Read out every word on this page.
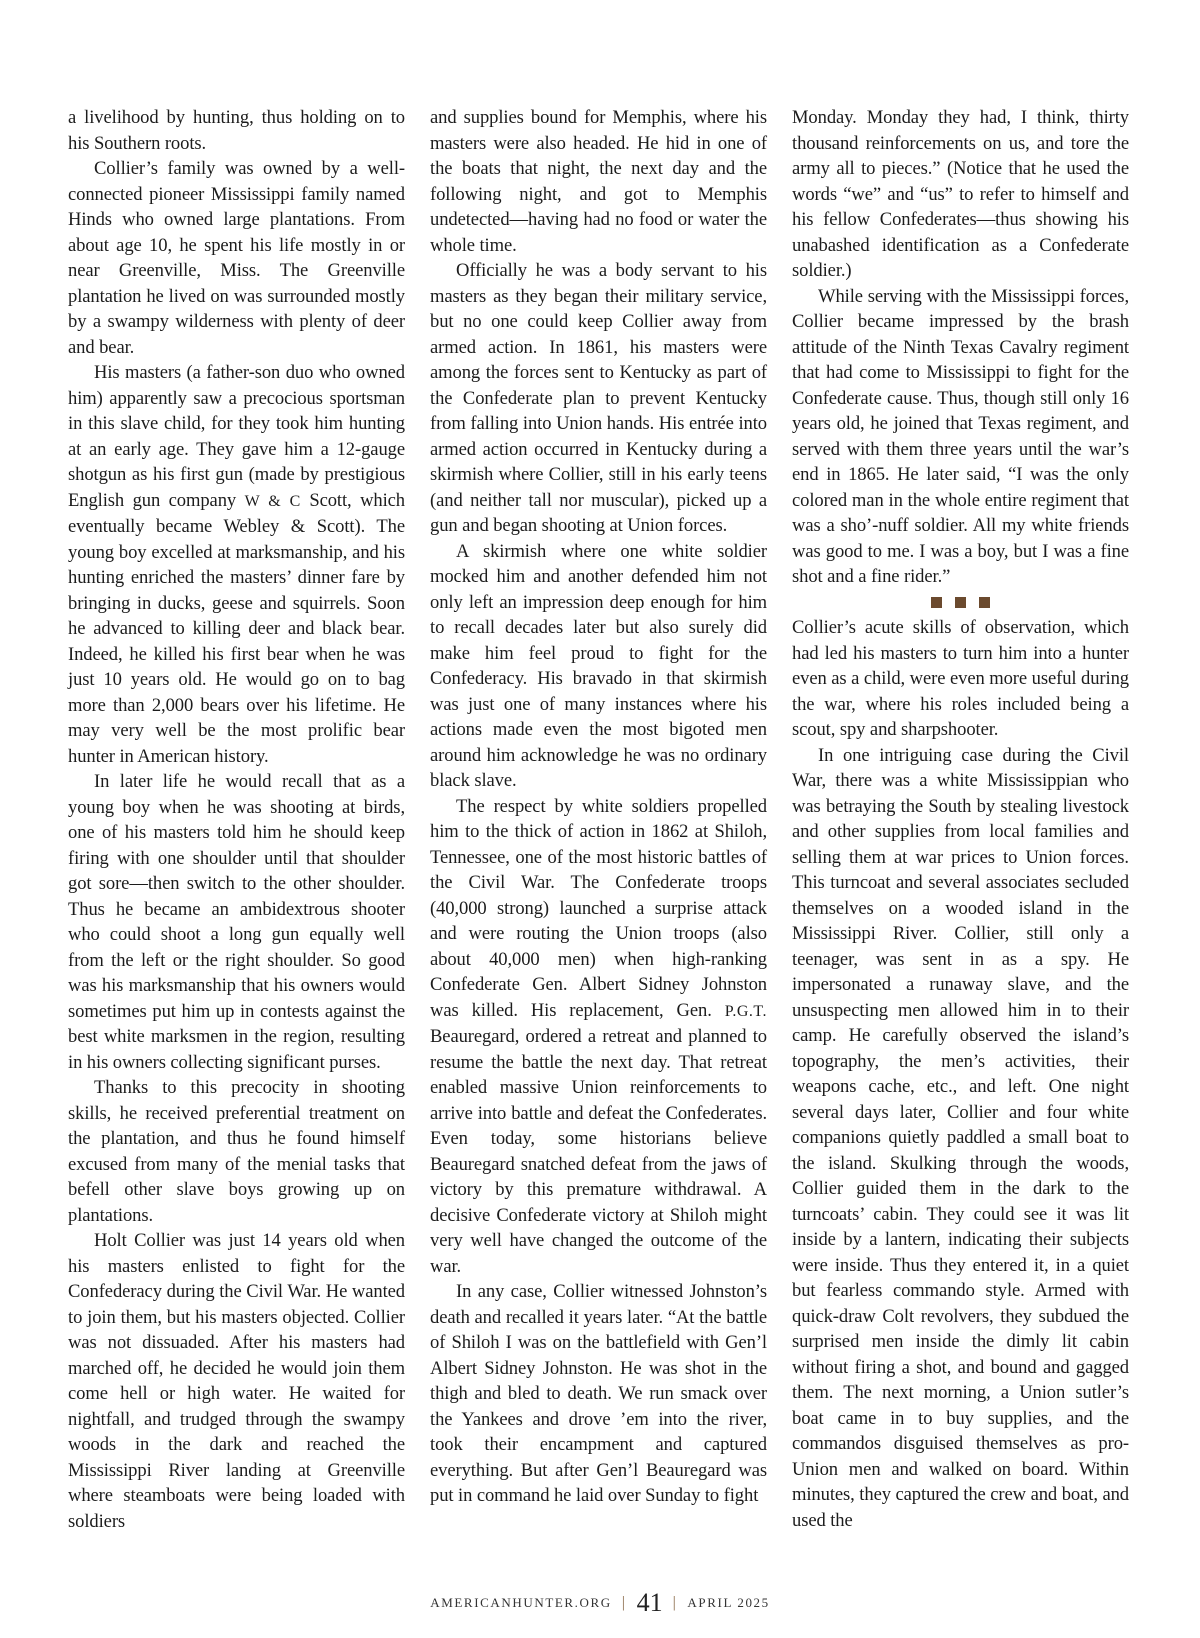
a livelihood by hunting, thus holding on to his Southern roots.

Collier’s family was owned by a well-connected pioneer Mississippi family named Hinds who owned large plantations. From about age 10, he spent his life mostly in or near Greenville, Miss. The Greenville plantation he lived on was surrounded mostly by a swampy wilderness with plenty of deer and bear.

His masters (a father-son duo who owned him) apparently saw a precocious sportsman in this slave child, for they took him hunting at an early age. They gave him a 12-gauge shotgun as his first gun (made by prestigious English gun company W & C Scott, which eventually became Webley & Scott). The young boy excelled at marksmanship, and his hunting enriched the masters’ dinner fare by bringing in ducks, geese and squirrels. Soon he advanced to killing deer and black bear. Indeed, he killed his first bear when he was just 10 years old. He would go on to bag more than 2,000 bears over his lifetime. He may very well be the most prolific bear hunter in American history.

In later life he would recall that as a young boy when he was shooting at birds, one of his masters told him he should keep firing with one shoulder until that shoulder got sore—then switch to the other shoulder. Thus he became an ambidextrous shooter who could shoot a long gun equally well from the left or the right shoulder. So good was his marksmanship that his owners would sometimes put him up in contests against the best white marksmen in the region, resulting in his owners collecting significant purses.

Thanks to this precocity in shooting skills, he received preferential treatment on the plantation, and thus he found himself excused from many of the menial tasks that befell other slave boys growing up on plantations.

Holt Collier was just 14 years old when his masters enlisted to fight for the Confederacy during the Civil War. He wanted to join them, but his masters objected. Collier was not dissuaded. After his masters had marched off, he decided he would join them come hell or high water. He waited for nightfall, and trudged through the swampy woods in the dark and reached the Mississippi River landing at Greenville where steamboats were being loaded with soldiers

and supplies bound for Memphis, where his masters were also headed. He hid in one of the boats that night, the next day and the following night, and got to Memphis undetected—having had no food or water the whole time.

Officially he was a body servant to his masters as they began their military service, but no one could keep Collier away from armed action. In 1861, his masters were among the forces sent to Kentucky as part of the Confederate plan to prevent Kentucky from falling into Union hands. His entrée into armed action occurred in Kentucky during a skirmish where Collier, still in his early teens (and neither tall nor muscular), picked up a gun and began shooting at Union forces.

A skirmish where one white soldier mocked him and another defended him not only left an impression deep enough for him to recall decades later but also surely did make him feel proud to fight for the Confederacy. His bravado in that skirmish was just one of many instances where his actions made even the most bigoted men around him acknowledge he was no ordinary black slave.

The respect by white soldiers propelled him to the thick of action in 1862 at Shiloh, Tennessee, one of the most historic battles of the Civil War. The Confederate troops (40,000 strong) launched a surprise attack and were routing the Union troops (also about 40,000 men) when high-ranking Confederate Gen. Albert Sidney Johnston was killed. His replacement, Gen. P.G.T. Beauregard, ordered a retreat and planned to resume the battle the next day. That retreat enabled massive Union reinforcements to arrive into battle and defeat the Confederates. Even today, some historians believe Beauregard snatched defeat from the jaws of victory by this premature withdrawal. A decisive Confederate victory at Shiloh might very well have changed the outcome of the war.

In any case, Collier witnessed Johnston’s death and recalled it years later. “At the battle of Shiloh I was on the battlefield with Gen’l Albert Sidney Johnston. He was shot in the thigh and bled to death. We run smack over the Yankees and drove ’em into the river, took their encampment and captured everything. But after Gen’l Beauregard was put in command he laid over Sunday to fight

Monday. Monday they had, I think, thirty thousand reinforcements on us, and tore the army all to pieces.” (Notice that he used the words “we” and “us” to refer to himself and his fellow Confederates—thus showing his unabashed identification as a Confederate soldier.)

While serving with the Mississippi forces, Collier became impressed by the brash attitude of the Ninth Texas Cavalry regiment that had come to Mississippi to fight for the Confederate cause. Thus, though still only 16 years old, he joined that Texas regiment, and served with them three years until the war’s end in 1865. He later said, “I was the only colored man in the whole entire regiment that was a sho’-nuff soldier. All my white friends was good to me. I was a boy, but I was a fine shot and a fine rider.”

Collier’s acute skills of observation, which had led his masters to turn him into a hunter even as a child, were even more useful during the war, where his roles included being a scout, spy and sharpshooter.

In one intriguing case during the Civil War, there was a white Mississippian who was betraying the South by stealing livestock and other supplies from local families and selling them at war prices to Union forces. This turncoat and several associates secluded themselves on a wooded island in the Mississippi River. Collier, still only a teenager, was sent in as a spy. He impersonated a runaway slave, and the unsuspecting men allowed him in to their camp. He carefully observed the island’s topography, the men’s activities, their weapons cache, etc., and left. One night several days later, Collier and four white companions quietly paddled a small boat to the island. Skulking through the woods, Collier guided them in the dark to the turncoats’ cabin. They could see it was lit inside by a lantern, indicating their subjects were inside. Thus they entered it, in a quiet but fearless commando style. Armed with quick-draw Colt revolvers, they subdued the surprised men inside the dimly lit cabin without firing a shot, and bound and gagged them. The next morning, a Union sutler’s boat came in to buy supplies, and the commandos disguised themselves as pro-Union men and walked on board. Within minutes, they captured the crew and boat, and used the

AMERICANHUNTER.ORG | 41 | APRIL 2025
